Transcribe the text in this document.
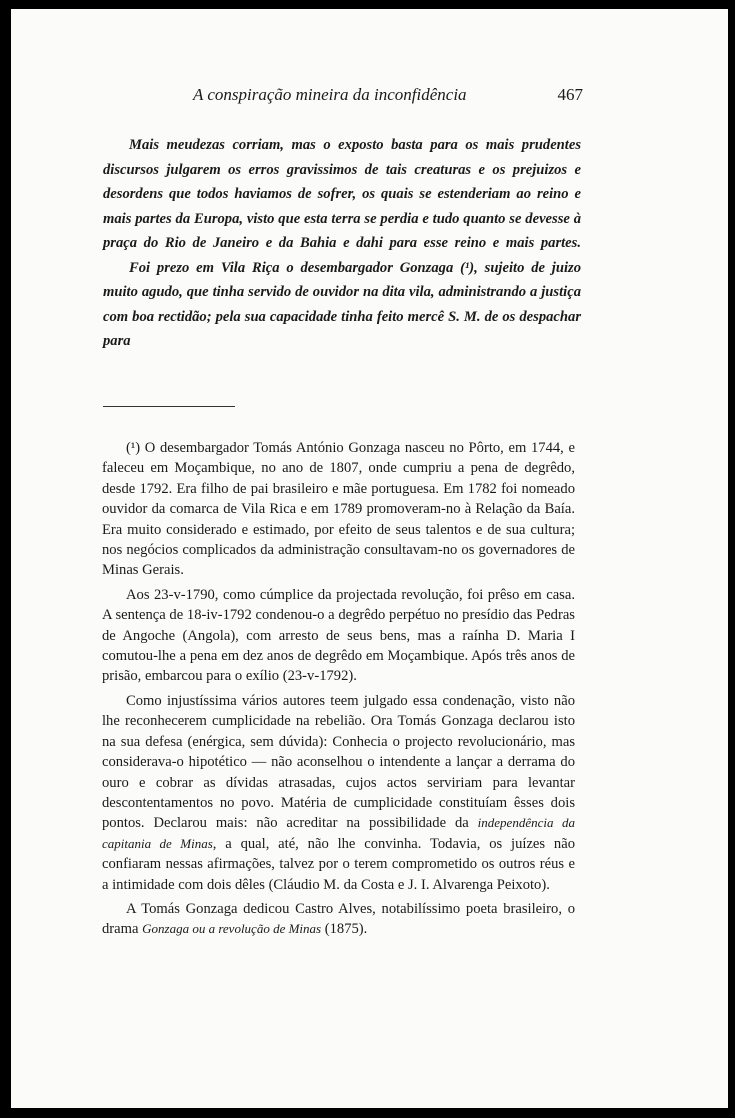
A conspiração mineira da inconfidência	467

Mais meudezas corriam, mas o exposto basta para os mais prudentes discursos julgarem os erros gravissimos de tais creaturas e os prejuizos e desordens que todos haviamos de sofrer, os quais se estenderiam ao reino e mais partes da Europa, visto que esta terra se perdia e tudo quanto se devesse à praça do Rio de Janeiro e da Bahia e dahi para esse reino e mais partes.

Foi prezo em Vila Riça o desembargador Gonzaga (¹), sujeito de juizo muito agudo, que tinha servido de ouvidor na dita vila, administrando a justiça com boa rectidão; pela sua capacidade tinha feito mercê S. M. de os despachar para

(¹) O desembargador Tomás António Gonzaga nasceu no Pôrto, em 1744, e faleceu em Moçambique, no ano de 1807, onde cumpriu a pena de degrêdo, desde 1792. Era filho de pai brasileiro e mãe portuguesa. Em 1782 foi nomeado ouvidor da comarca de Vila Rica e em 1789 promoveram-no à Relação da Baía. Era muito considerado e estimado, por efeito de seus talentos e de sua cultura; nos negócios complicados da administração consultavam-no os governadores de Minas Gerais.

Aos 23-v-1790, como cúmplice da projectada revolução, foi prêso em casa. A sentença de 18-iv-1792 condenou-o a degrêdo perpétuo no presídio das Pedras de Angoche (Angola), com arresto de seus bens, mas a raínha D. Maria I comutou-lhe a pena em dez anos de degrêdo em Moçambique. Após três anos de prisão, embarcou para o exílio (23-v-1792).

Como injustíssima vários autores teem julgado essa condenação, visto não lhe reconhecerem cumplicidade na rebelião. Ora Tomás Gonzaga declarou isto na sua defesa (enérgica, sem dúvida): Conhecia o projecto revolucionário, mas considerava-o hipotético — não aconselhou o intendente a lançar a derrama do ouro e cobrar as dívidas atrasadas, cujos actos serviriam para levantar descontentamentos no povo. Matéria de cumplicidade constituíam êsses dois pontos. Declarou mais: não acreditar na possibilidade da independência da capitania de Minas, a qual, até, não lhe convinha. Todavia, os juízes não confiaram nessas afirmações, talvez por o terem comprometido os outros réus e a intimidade com dois dêles (Cláudio M. da Costa e J. I. Alvarenga Peixoto).

A Tomás Gonzaga dedicou Castro Alves, notabilíssimo poeta brasileiro, o drama Gonzaga ou a revolução de Minas (1875).
